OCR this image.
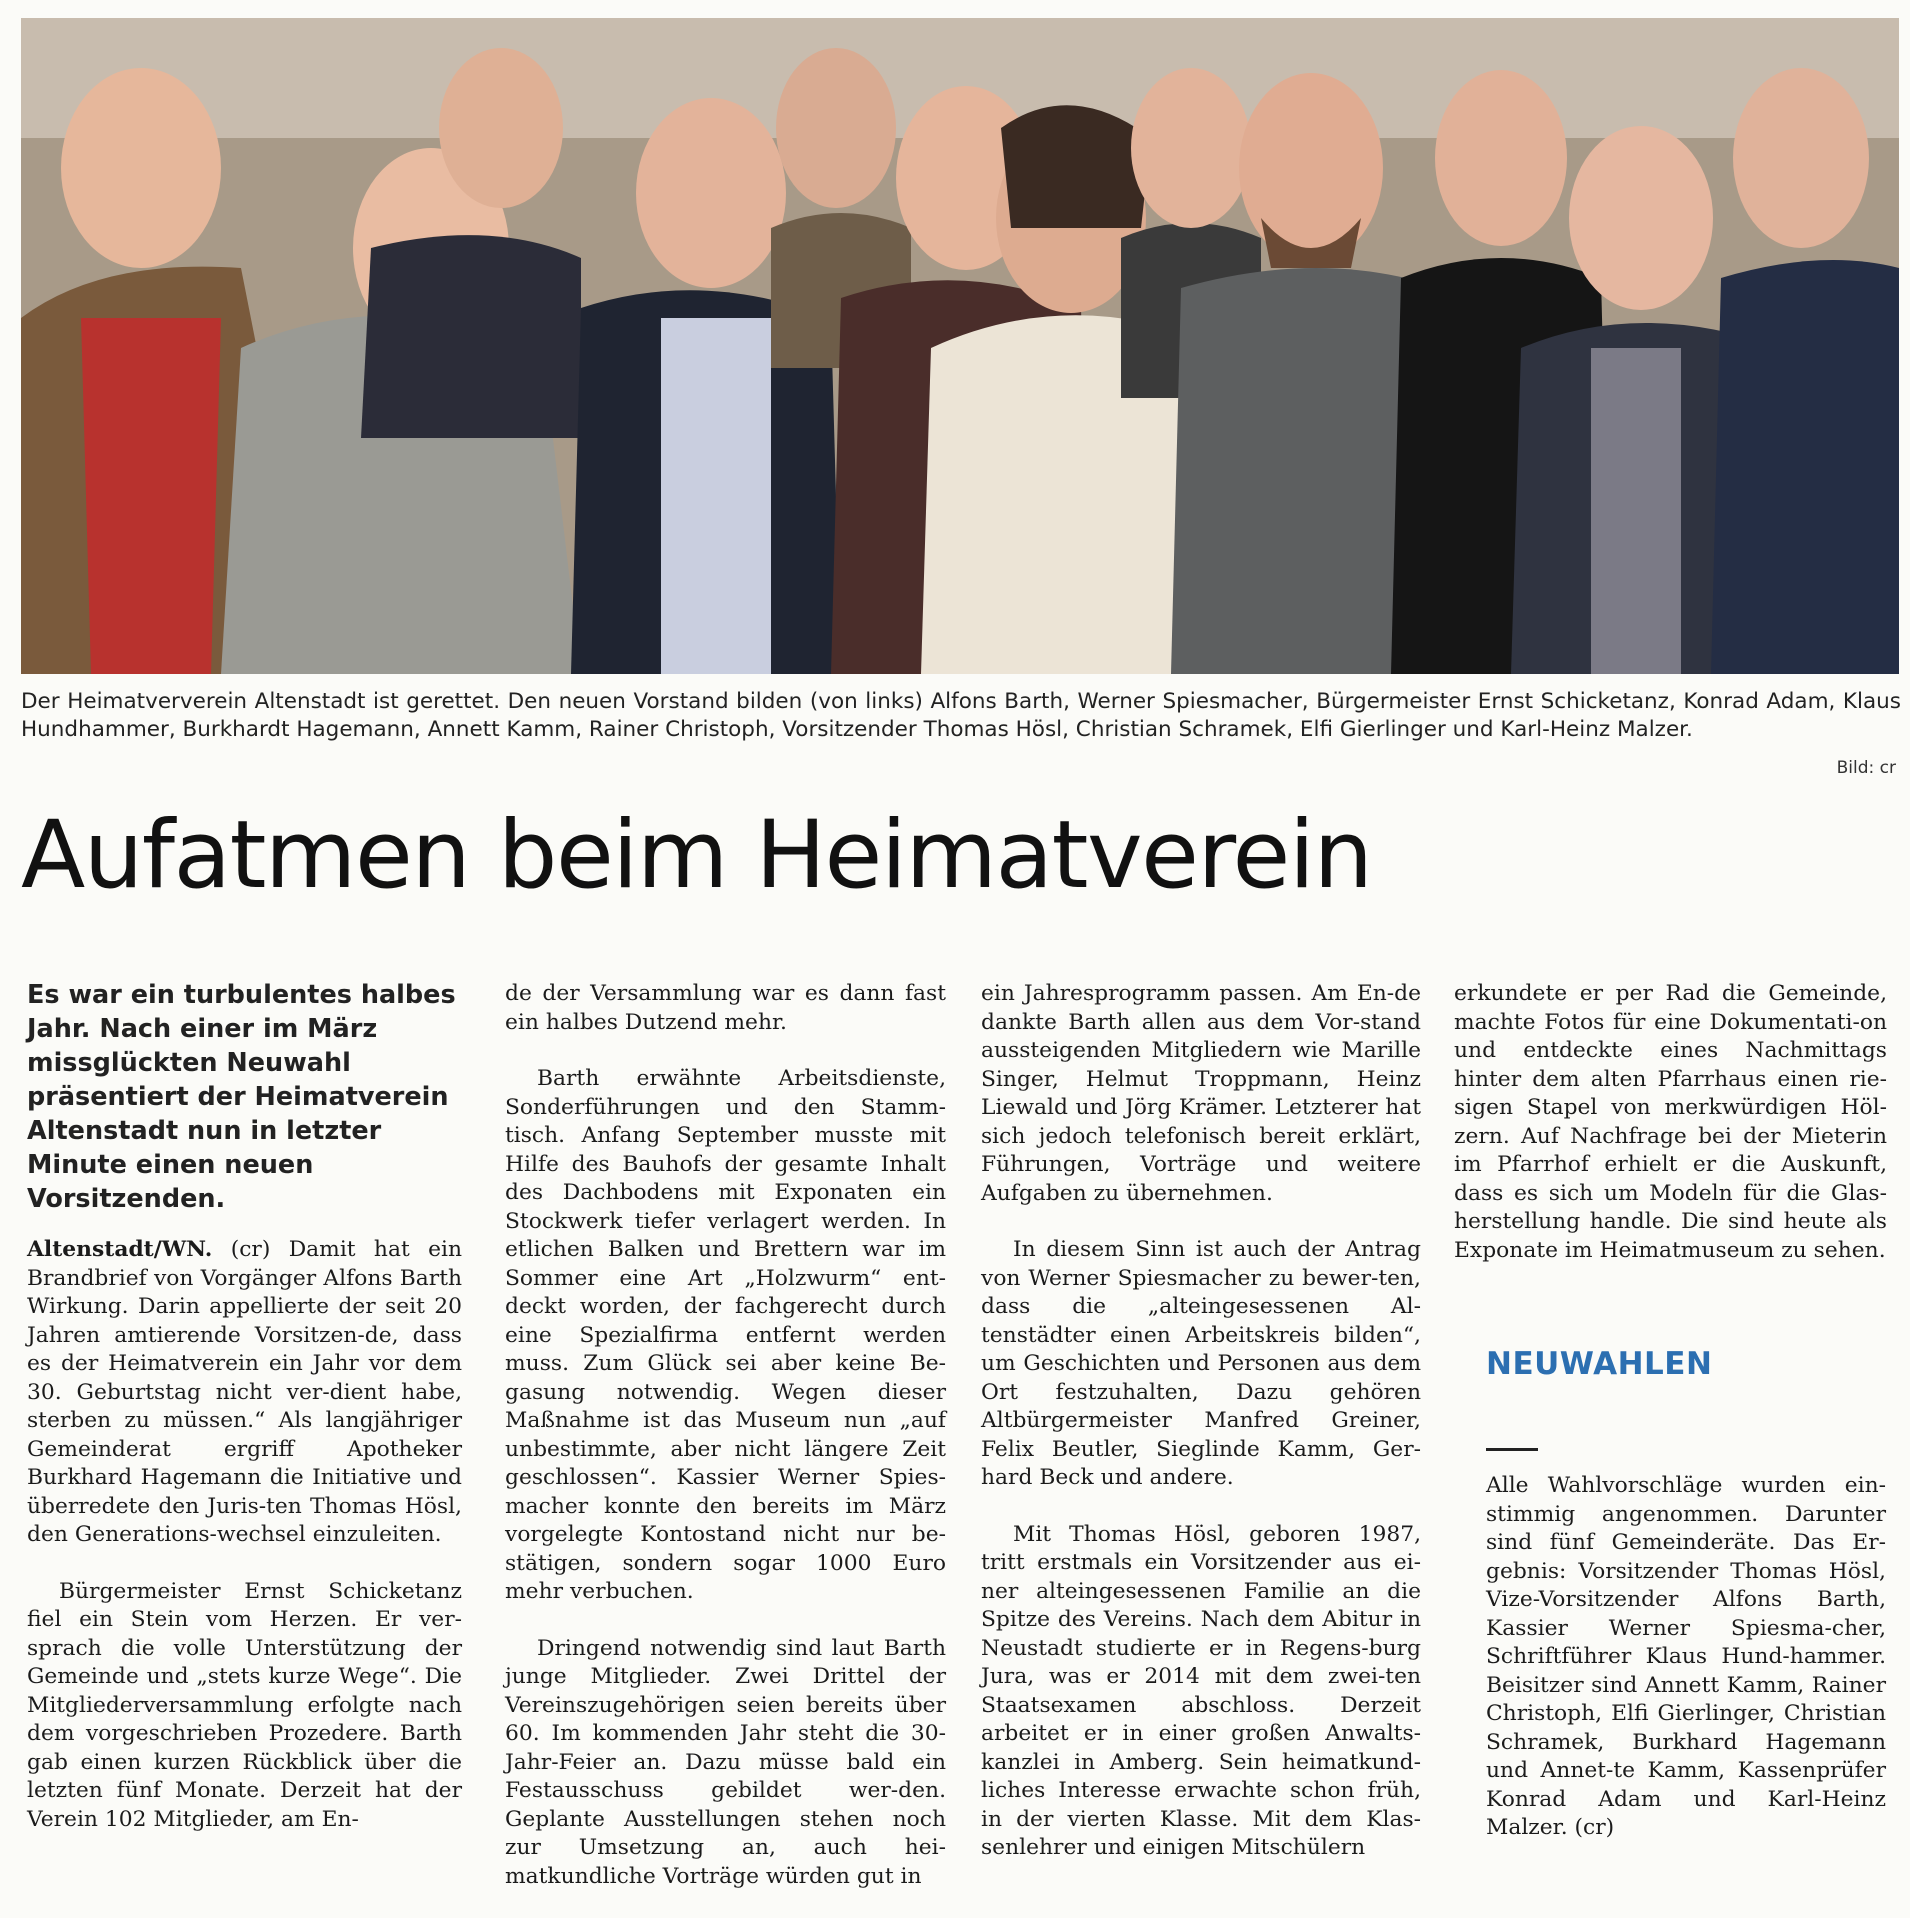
Der Heimatververein Altenstadt ist gerettet. Den neuen Vorstand bilden (von links) Alfons Barth, Werner Spiesmacher, Bürgermeister Ernst Schicketanz, Konrad Adam, Klaus Hundhammer, Burkhardt Hagemann, Annett Kamm, Rainer Christoph, Vorsitzender Thomas Hösl, Christian Schramek, Elfi Gierlinger und Karl-Heinz Malzer.
Bild: cr
Aufatmen beim Heimatverein
Es war ein turbulentes halbes Jahr. Nach einer im März missglückten Neuwahl präsentiert der Heimatverein Altenstadt nun in letzter Minute einen neuen Vorsitzenden.

Altenstadt/WN. (cr) Damit hat ein Brandbrief von Vorgänger Alfons Barth Wirkung. Darin appellierte der seit 20 Jahren amtierende Vorsitzen-de, dass es der Heimatverein ein Jahr vor dem 30. Geburtstag nicht ver-dient habe, sterben zu müssen.“ Als langjähriger Gemeinderat ergriff Apotheker Burkhard Hagemann die Initiative und überredete den Juris-ten Thomas Hösl, den Generations-wechsel einzuleiten.

Bürgermeister Ernst Schicketanz fiel ein Stein vom Herzen. Er ver-sprach die volle Unterstützung der Gemeinde und „stets kurze Wege“. Die Mitgliederversammlung erfolgte nach dem vorgeschrieben Prozedere. Barth gab einen kurzen Rückblick über die letzten fünf Monate. Derzeit hat der Verein 102 Mitglieder, am En-

de der Versammlung war es dann fast ein halbes Dutzend mehr.

Barth erwähnte Arbeitsdienste, Sonderführungen und den Stamm-tisch. Anfang September musste mit Hilfe des Bauhofs der gesamte Inhalt des Dachbodens mit Exponaten ein Stockwerk tiefer verlagert werden. In etlichen Balken und Brettern war im Sommer eine Art „Holzwurm“ ent-deckt worden, der fachgerecht durch eine Spezialfirma entfernt werden muss. Zum Glück sei aber keine Be-gasung notwendig. Wegen dieser Maßnahme ist das Museum nun „auf unbestimmte, aber nicht längere Zeit geschlossen“. Kassier Werner Spies-macher konnte den bereits im März vorgelegte Kontostand nicht nur be-stätigen, sondern sogar 1000 Euro mehr verbuchen.

Dringend notwendig sind laut Barth junge Mitglieder. Zwei Drittel der Vereinszugehörigen seien bereits über 60. Im kommenden Jahr steht die 30-Jahr-Feier an. Dazu müsse bald ein Festausschuss gebildet wer-den. Geplante Ausstellungen stehen noch zur Umsetzung an, auch hei-matkundliche Vorträge würden gut in

ein Jahresprogramm passen. Am En-de dankte Barth allen aus dem Vor-stand aussteigenden Mitgliedern wie Marille Singer, Helmut Troppmann, Heinz Liewald und Jörg Krämer. Letzterer hat sich jedoch telefonisch bereit erklärt, Führungen, Vorträge und weitere Aufgaben zu übernehmen.

In diesem Sinn ist auch der Antrag von Werner Spiesmacher zu bewer-ten, dass die „alteingesessenen Al-tenstädter einen Arbeitskreis bilden“, um Geschichten und Personen aus dem Ort festzuhalten, Dazu gehören Altbürgermeister Manfred Greiner, Felix Beutler, Sieglinde Kamm, Ger-hard Beck und andere.

Mit Thomas Hösl, geboren 1987, tritt erstmals ein Vorsitzender aus ei-ner alteingesessenen Familie an die Spitze des Vereins. Nach dem Abitur in Neustadt studierte er in Regens-burg Jura, was er 2014 mit dem zwei-ten Staatsexamen abschloss. Derzeit arbeitet er in einer großen Anwalts-kanzlei in Amberg. Sein heimatkund-liches Interesse erwachte schon früh, in der vierten Klasse. Mit dem Klas-senlehrer und einigen Mitschülern

erkundete er per Rad die Gemeinde, machte Fotos für eine Dokumentati-on und entdeckte eines Nachmittags hinter dem alten Pfarrhaus einen rie-sigen Stapel von merkwürdigen Höl-zern. Auf Nachfrage bei der Mieterin im Pfarrhof erhielt er die Auskunft, dass es sich um Modeln für die Glas-herstellung handle. Die sind heute als Exponate im Heimatmuseum zu sehen.

NEUWAHLEN
Alle Wahlvorschläge wurden ein-stimmig angenommen. Darunter sind fünf Gemeinderäte. Das Er-gebnis: Vorsitzender Thomas Hösl, Vize-Vorsitzender Alfons Barth, Kassier Werner Spiesma-cher, Schriftführer Klaus Hund-hammer. Beisitzer sind Annett Kamm, Rainer Christoph, Elfi Gierlinger, Christian Schramek, Burkhard Hagemann und Annet-te Kamm, Kassenprüfer Konrad Adam und Karl-Heinz Malzer. (cr)
